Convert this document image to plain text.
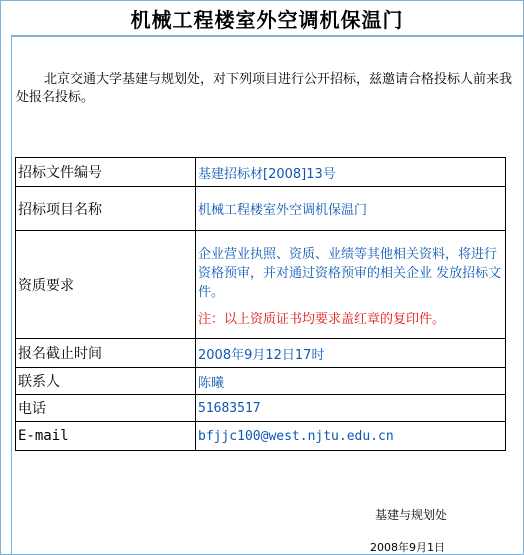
机械工程楼室外空调机保温门

北京交通大学基建与规划处，对下列项目进行公开招标，兹邀请合格投标人前来我处报名投标。

招标文件编号	基建招标材[2008]13号
招标项目名称	机械工程楼室外空调机保温门
资质要求	企业营业执照、资质、业绩等其他相关资料，将进行资格预审，并对通过资格预审的相关企业 发放招标文件。
注：以上资质证书均要求盖红章的复印件。

报名截止时间	2008年9月12日17时
联系人	陈曦
电话	51683517
E-mail	bfjjc100@west.njtu.edu.cn
基建与规划处
2008年9月1日
